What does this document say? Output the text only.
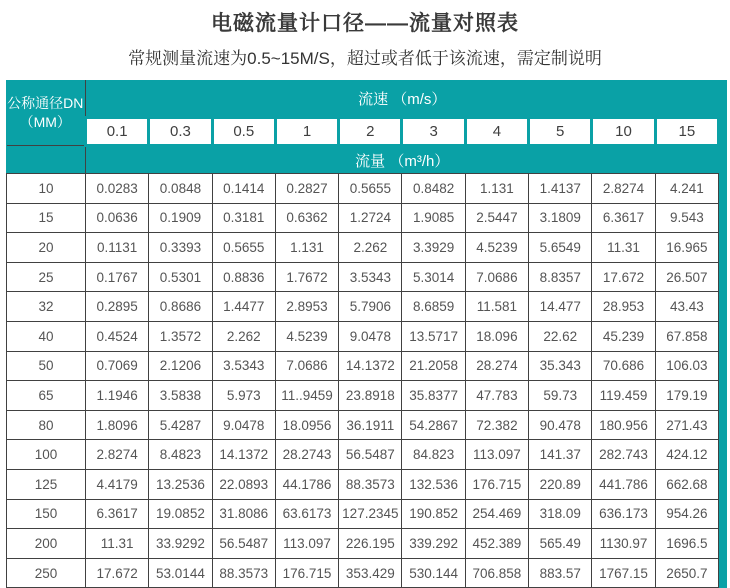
电磁流量计口径——流量对照表

常规测量流速为0.5~15M/S，超过或者低于该流速，需定制说明

公称通径DN
（MM）	流速 （m/s）									
	0.1	0.3	0.5	1	2	3	4	5	10	15
	流量 （m³/h）									
10	0.0283	0.0848	0.1414	0.2827	0.5655	0.8482	1.131	1.4137	2.8274	4.241
15	0.0636	0.1909	0.3181	0.6362	1.2724	1.9085	2.5447	3.1809	6.3617	9.543
20	0.1131	0.3393	0.5655	1.131	2.262	3.3929	4.5239	5.6549	11.31	16.965
25	0.1767	0.5301	0.8836	1.7672	3.5343	5.3014	7.0686	8.8357	17.672	26.507
32	0.2895	0.8686	1.4477	2.8953	5.7906	8.6859	11.581	14.477	28.953	43.43
40	0.4524	1.3572	2.262	4.5239	9.0478	13.5717	18.096	22.62	45.239	67.858
50	0.7069	2.1206	3.5343	7.0686	14.1372	21.2058	28.274	35.343	70.686	106.03
65	1.1946	3.5838	5.973	11..9459	23.8918	35.8377	47.783	59.73	119.459	179.19
80	1.8096	5.4287	9.0478	18.0956	36.1911	54.2867	72.382	90.478	180.956	271.43
100	2.8274	8.4823	14.1372	28.2743	56.5487	84.823	113.097	141.37	282.743	424.12
125	4.4179	13.2536	22.0893	44.1786	88.3573	132.536	176.715	220.89	441.786	662.68
150	6.3617	19.0852	31.8086	63.6173	127.2345	190.852	254.469	318.09	636.173	954.26
200	11.31	33.9292	56.5487	113.097	226.195	339.292	452.389	565.49	1130.97	1696.5
250	17.672	53.0144	88.3573	176.715	353.429	530.144	706.858	883.57	1767.15	2650.7
